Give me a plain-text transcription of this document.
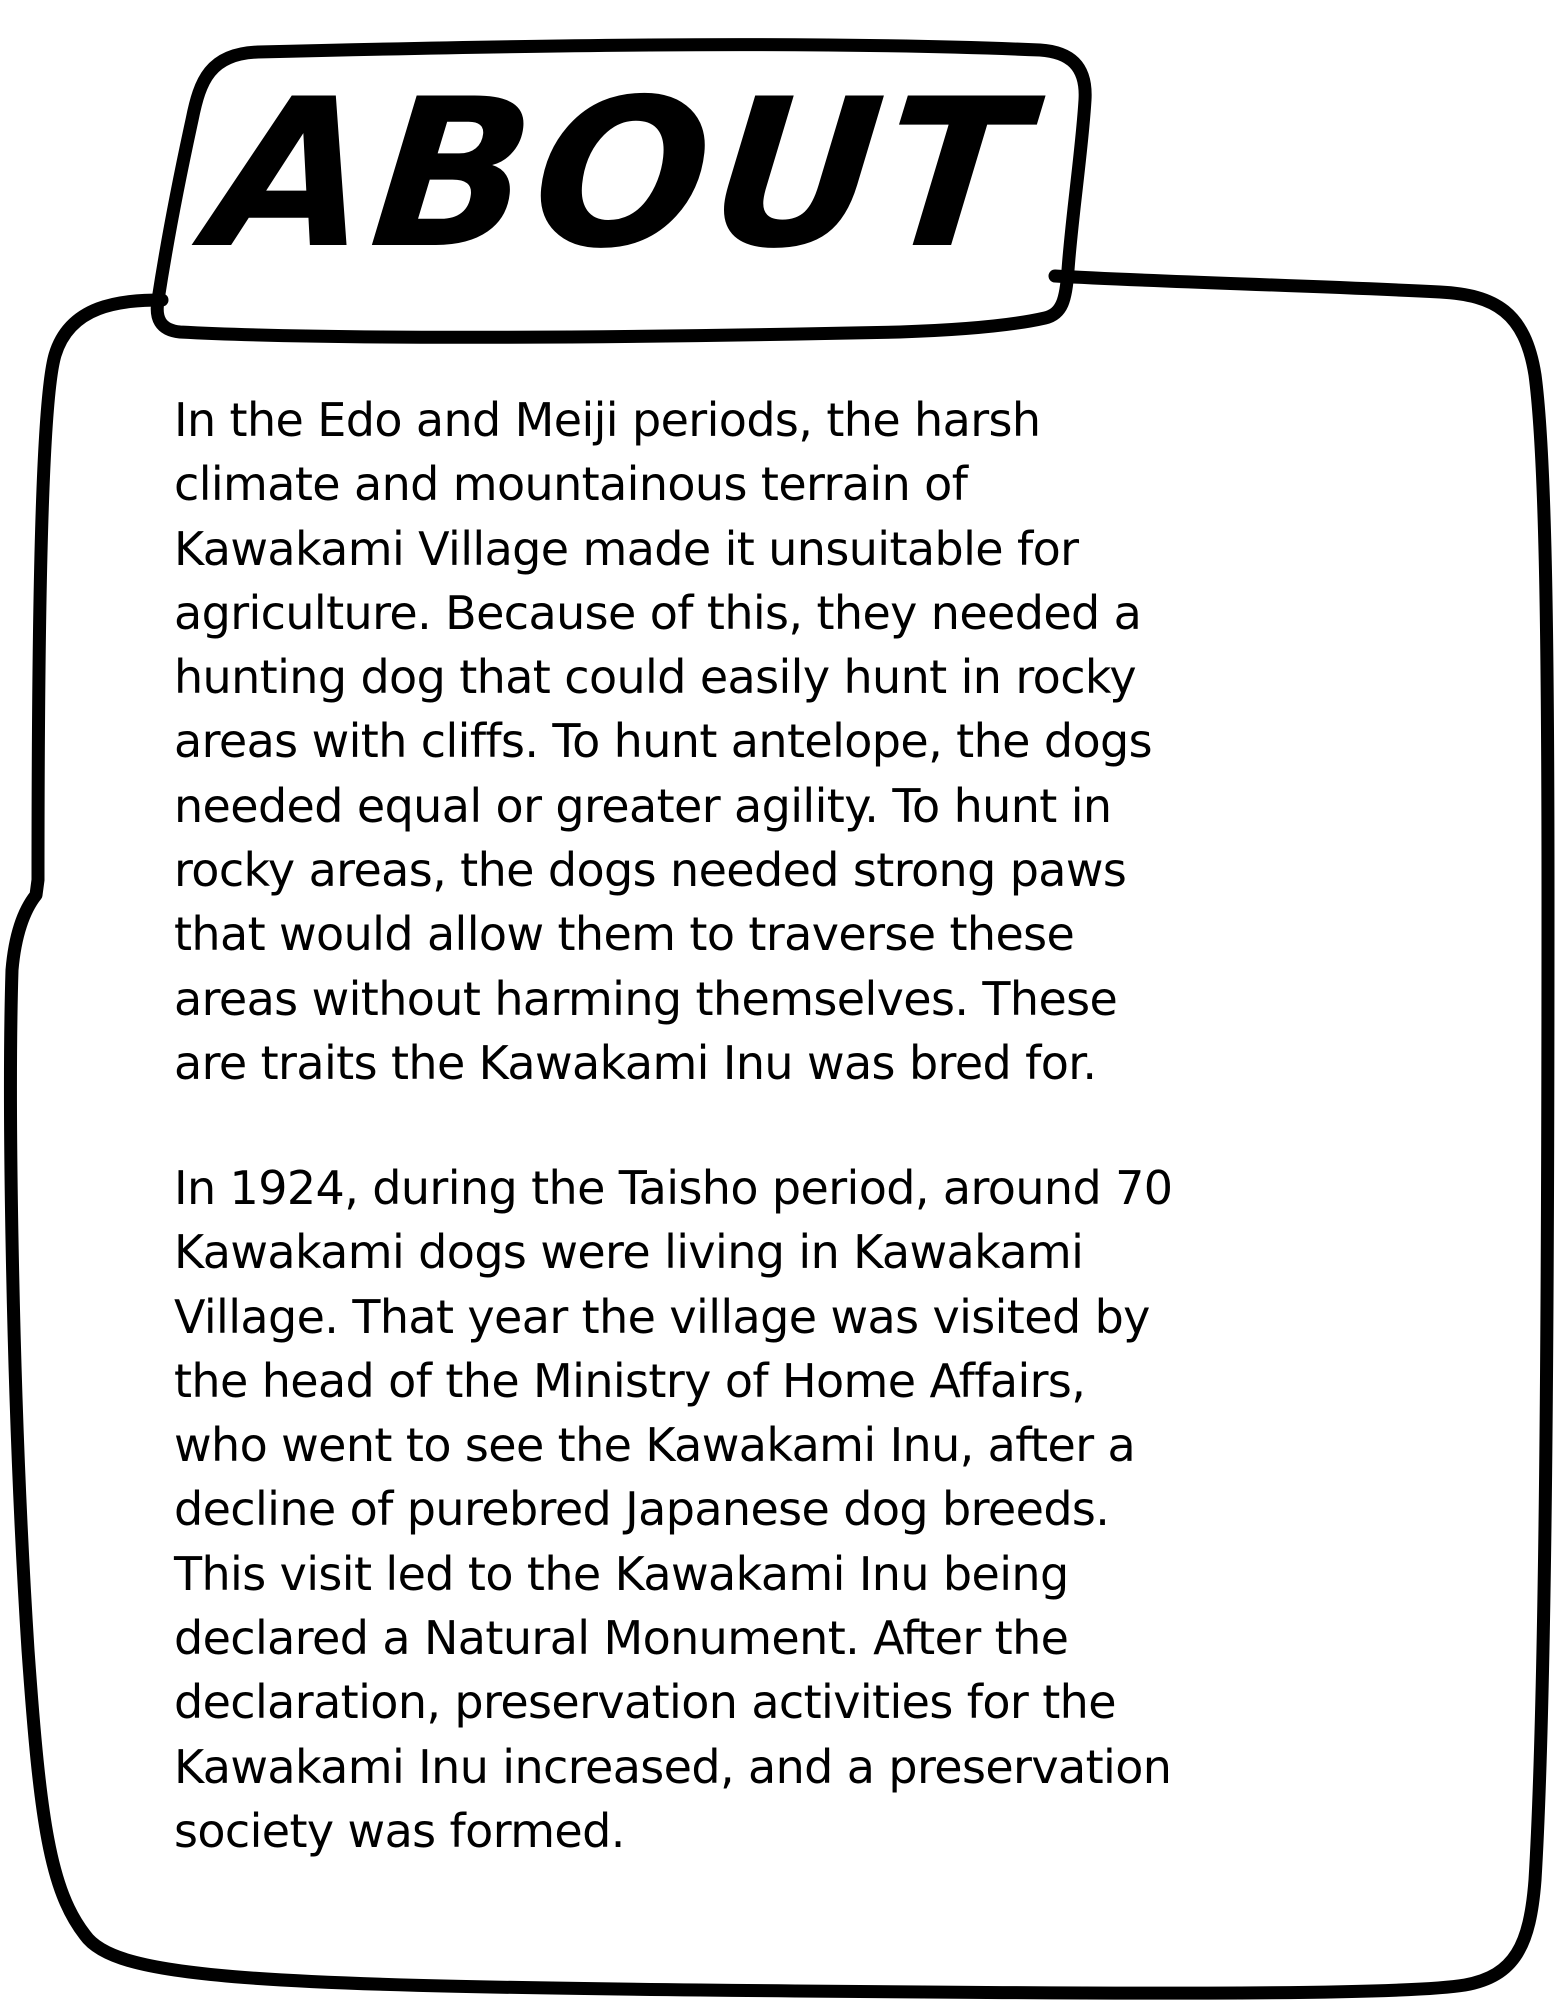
ABOUT

In the Edo and Meiji periods, the harsh
climate and mountainous terrain of
Kawakami Village made it unsuitable for
agriculture. Because of this, they needed a
hunting dog that could easily hunt in rocky
areas with cliffs. To hunt antelope, the dogs
needed equal or greater agility. To hunt in
rocky areas, the dogs needed strong paws
that would allow them to traverse these
areas without harming themselves. These
are traits the Kawakami Inu was bred for.

In 1924, during the Taisho period, around 70
Kawakami dogs were living in Kawakami
Village. That year the village was visited by
the head of the Ministry of Home Affairs,
who went to see the Kawakami Inu, after a
decline of purebred Japanese dog breeds.
This visit led to the Kawakami Inu being
declared a Natural Monument. After the
declaration, preservation activities for the
Kawakami Inu increased, and a preservation
society was formed.
